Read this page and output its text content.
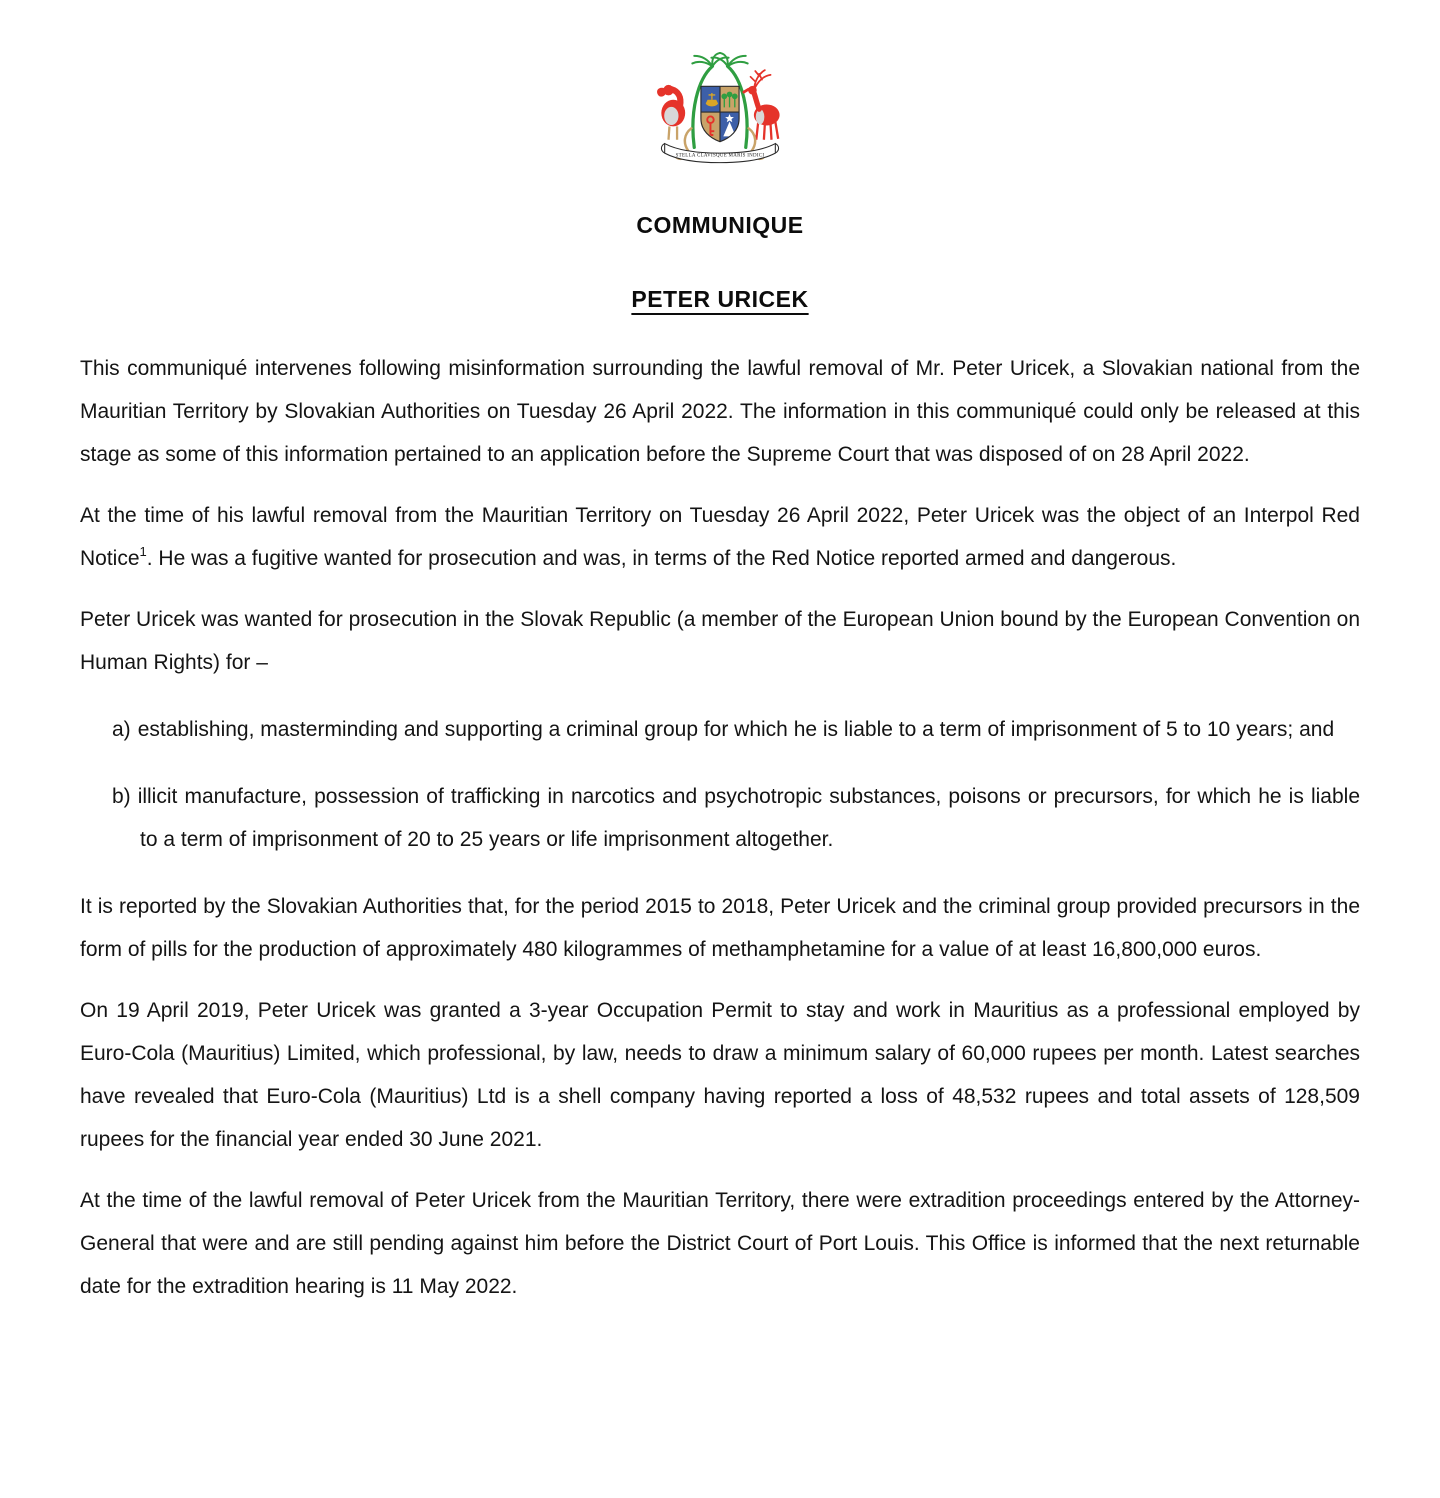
STELLA CLAVISQUE MARIS INDICI
COMMUNIQUE
PETER URICEK

This communiqué intervenes following misinformation surrounding the lawful removal of Mr. Peter Uricek, a Slovakian national from the Mauritian Territory by Slovakian Authorities on Tuesday 26 April 2022. The information in this communiqué could only be released at this stage as some of this information pertained to an application before the Supreme Court that was disposed of on 28 April 2022.

At the time of his lawful removal from the Mauritian Territory on Tuesday 26 April 2022, Peter Uricek was the object of an Interpol Red Notice$^1$. He was a fugitive wanted for prosecution and was, in terms of the Red Notice reported armed and dangerous.

Peter Uricek was wanted for prosecution in the Slovak Republic (a member of the European Union bound by the European Convention on Human Rights) for –

a) establishing, masterminding and supporting a criminal group for which he is liable to a term of imprisonment of 5 to 10 years; and

b) illicit manufacture, possession of trafficking in narcotics and psychotropic substances, poisons or precursors, for which he is liable to a term of imprisonment of 20 to 25 years or life imprisonment altogether.

It is reported by the Slovakian Authorities that, for the period 2015 to 2018, Peter Uricek and the criminal group provided precursors in the form of pills for the production of approximately 480 kilogrammes of methamphetamine for a value of at least 16,800,000 euros.

On 19 April 2019, Peter Uricek was granted a 3-year Occupation Permit to stay and work in Mauritius as a professional employed by Euro-Cola (Mauritius) Limited, which professional, by law, needs to draw a minimum salary of 60,000 rupees per month. Latest searches have revealed that Euro-Cola (Mauritius) Ltd is a shell company having reported a loss of 48,532 rupees and total assets of 128,509 rupees for the financial year ended 30 June 2021.

At the time of the lawful removal of Peter Uricek from the Mauritian Territory, there were extradition proceedings entered by the Attorney-General that were and are still pending against him before the District Court of Port Louis. This Office is informed that the next returnable date for the extradition hearing is 11 May 2022.
